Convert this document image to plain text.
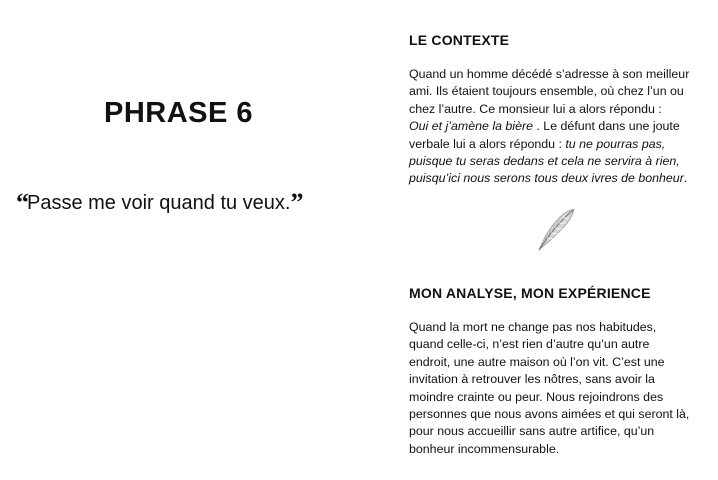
PHRASE 6
“Passe me voir quand tu veux.”
LE CONTEXTE
Quand un homme décédé s’adresse à son meilleur
ami. Ils étaient toujours ensemble, où chez l’un ou
chez l’autre. Ce monsieur lui a alors répondu :
Oui et j’amène la bière . Le défunt dans une joute
verbale lui a alors répondu : tu ne pourras pas,
puisque tu seras dedans et cela ne servira à rien,
puisqu’ici nous serons tous deux ivres de bonheur.
MON ANALYSE, MON EXPÉRIENCE
Quand la mort ne change pas nos habitudes,
quand celle-ci, n’est rien d’autre qu’un autre
endroit, une autre maison où l’on vit. C’est une
invitation à retrouver les nôtres, sans avoir la
moindre crainte ou peur. Nous rejoindrons des
personnes que nous avons aimées et qui seront là,
pour nous accueillir sans autre artifice, qu’un
bonheur incommensurable.
